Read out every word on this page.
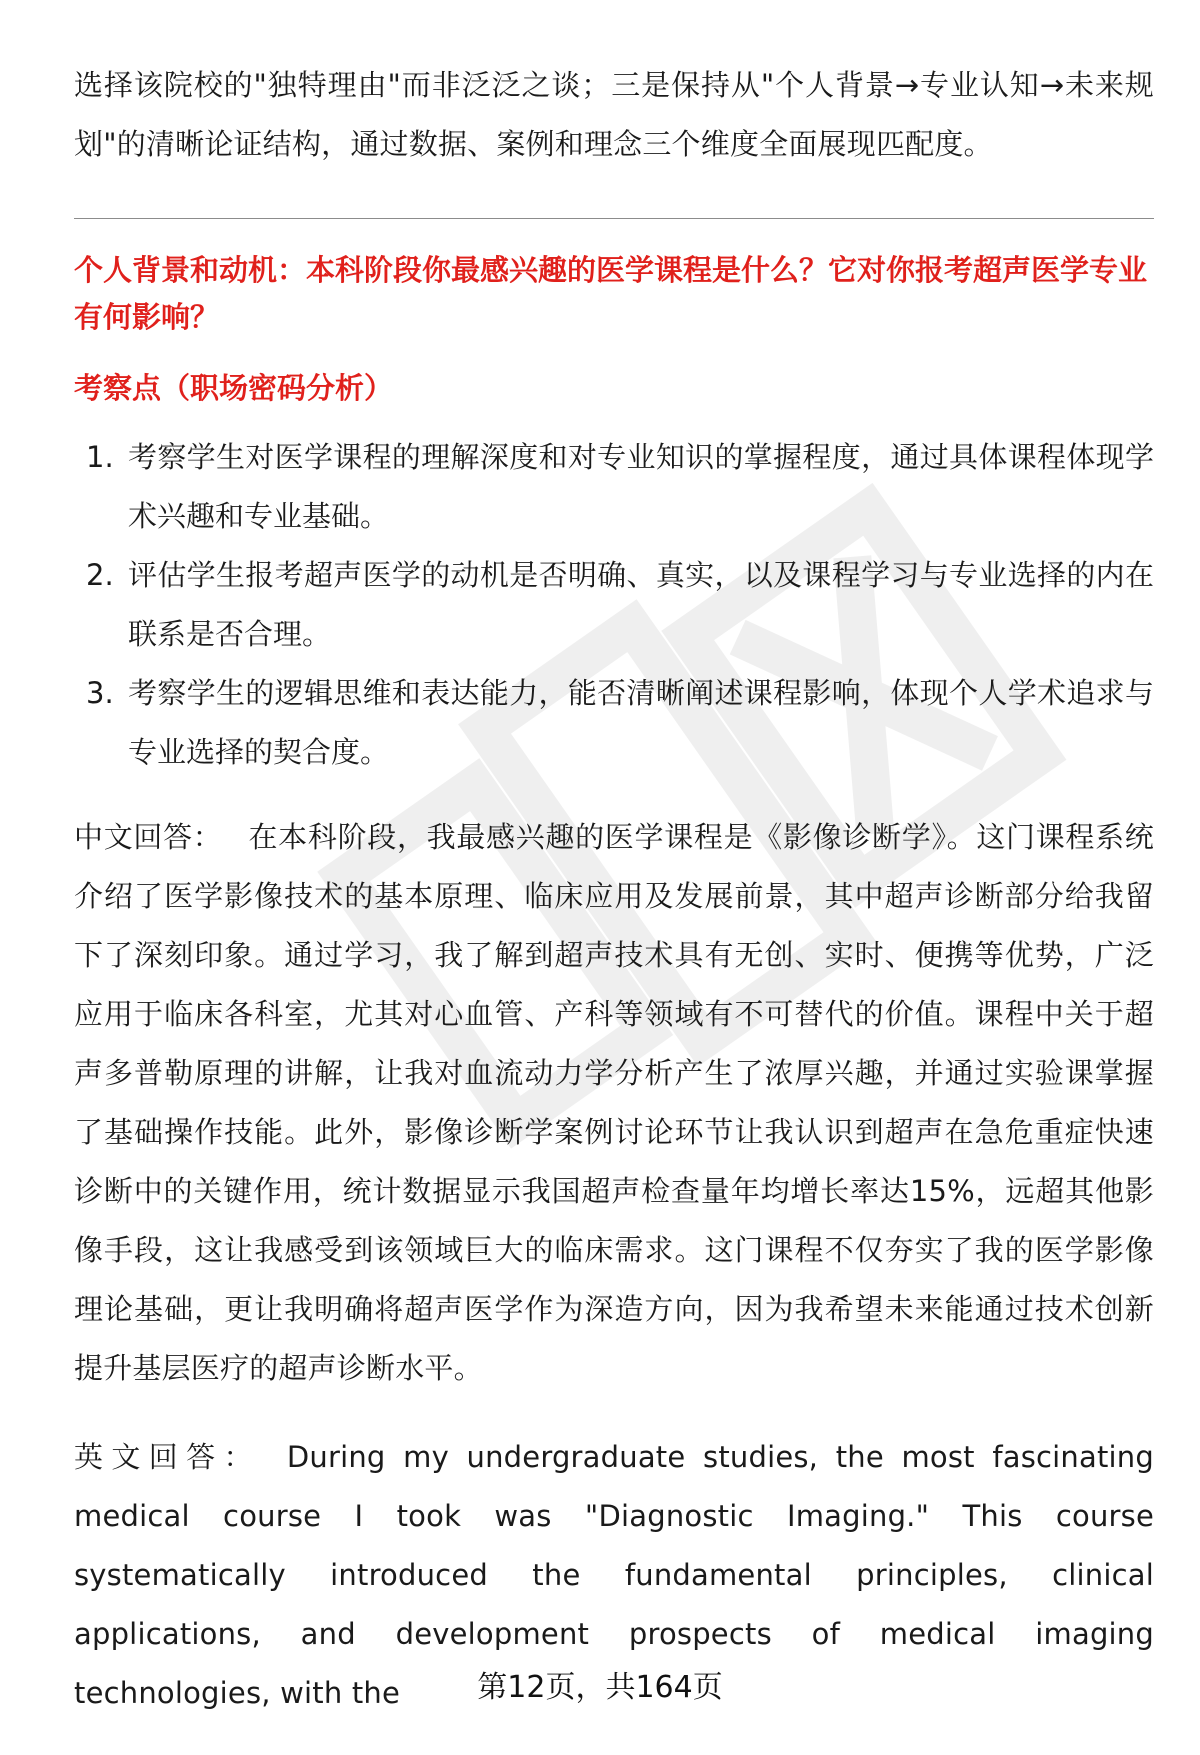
选择该院校的"独特理由"而非泛泛之谈；三是保持从"个人背景→专业认知→未来规划"的清晰论证结构，通过数据、案例和理念三个维度全面展现匹配度。

个人背景和动机：本科阶段你最感兴趣的医学课程是什么？它对你报考超声医学专业有何影响？

考察点（职场密码分析）

1. 考察学生对医学课程的理解深度和对专业知识的掌握程度，通过具体课程体现学术兴趣和专业基础。
2. 评估学生报考超声医学的动机是否明确、真实，以及课程学习与专业选择的内在联系是否合理。
3. 考察学生的逻辑思维和表达能力，能否清晰阐述课程影响，体现个人学术追求与专业选择的契合度。

中文回答： 在本科阶段，我最感兴趣的医学课程是《影像诊断学》。这门课程系统介绍了医学影像技术的基本原理、临床应用及发展前景，其中超声诊断部分给我留下了深刻印象。通过学习，我了解到超声技术具有无创、实时、便携等优势，广泛应用于临床各科室，尤其对心血管、产科等领域有不可替代的价值。课程中关于超声多普勒原理的讲解，让我对血流动力学分析产生了浓厚兴趣，并通过实验课掌握了基础操作技能。此外，影像诊断学案例讨论环节让我认识到超声在急危重症快速诊断中的关键作用，统计数据显示我国超声检查量年均增长率达15%，远超其他影像手段，这让我感受到该领域巨大的临床需求。这门课程不仅夯实了我的医学影像理论基础，更让我明确将超声医学作为深造方向，因为我希望未来能通过技术创新提升基层医疗的超声诊断水平。

英文回答： During my undergraduate studies, the most fascinating medical course I took was "Diagnostic Imaging." This course systematically introduced the fundamental principles, clinical applications, and development prospects of medical imaging technologies, with the	第12页，共164页
